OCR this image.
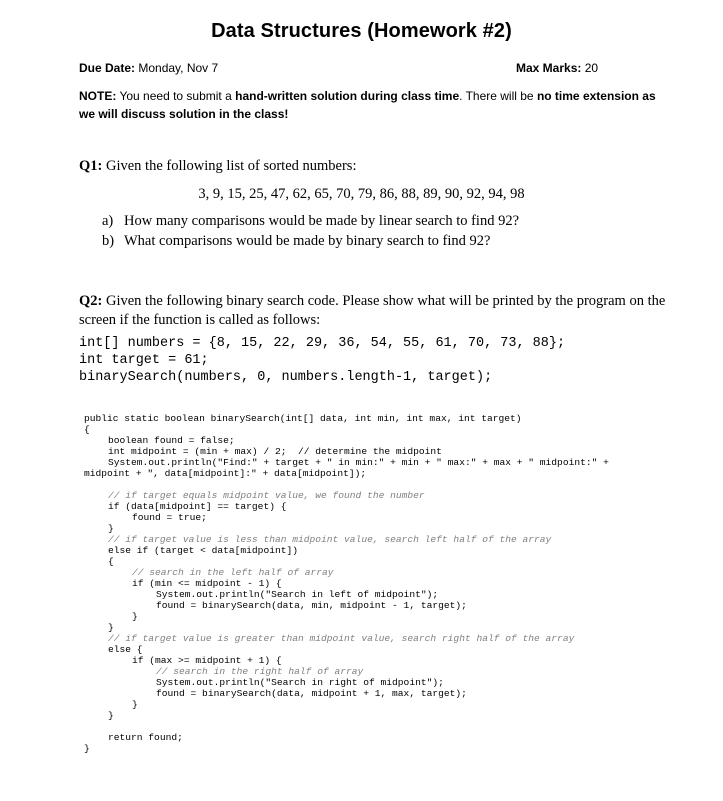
Data Structures (Homework #2)
Due Date: Monday, Nov 7	Max Marks: 20
NOTE: You need to submit a hand-written solution during class time. There will be no time extension as we will discuss solution in the class!
Q1: Given the following list of sorted numbers:
3, 9, 15, 25, 47, 62, 65, 70, 79, 86, 88, 89, 90, 92, 94, 98
a) How many comparisons would be made by linear search to find 92?
b) What comparisons would be made by binary search to find 92?
Q2: Given the following binary search code. Please show what will be printed by the program on the screen if the function is called as follows:
int[] numbers = {8, 15, 22, 29, 36, 54, 55, 61, 70, 73, 88};
int target = 61;
binarySearch(numbers, 0, numbers.length-1, target);
public static boolean binarySearch(int[] data, int min, int max, int target)
{
boolean found = false;
int midpoint = (min + max) / 2;  // determine the midpoint
System.out.println("Find:" + target + " in min:" + min + " max:" + max + " midpoint:" +
midpoint + ", data[midpoint]:" + data[midpoint]);
// if target equals midpoint value, we found the number
if (data[midpoint] == target) {
found = true;
}
// if target value is less than midpoint value, search left half of the array
else if (target < data[midpoint])
{
// search in the left half of array
if (min <= midpoint - 1) {
System.out.println("Search in left of midpoint");
found = binarySearch(data, min, midpoint - 1, target);
}
}
// if target value is greater than midpoint value, search right half of the array
else {
if (max >= midpoint + 1) {
// search in the right half of array
System.out.println("Search in right of midpoint");
found = binarySearch(data, midpoint + 1, max, target);
}
}
return found;
}
